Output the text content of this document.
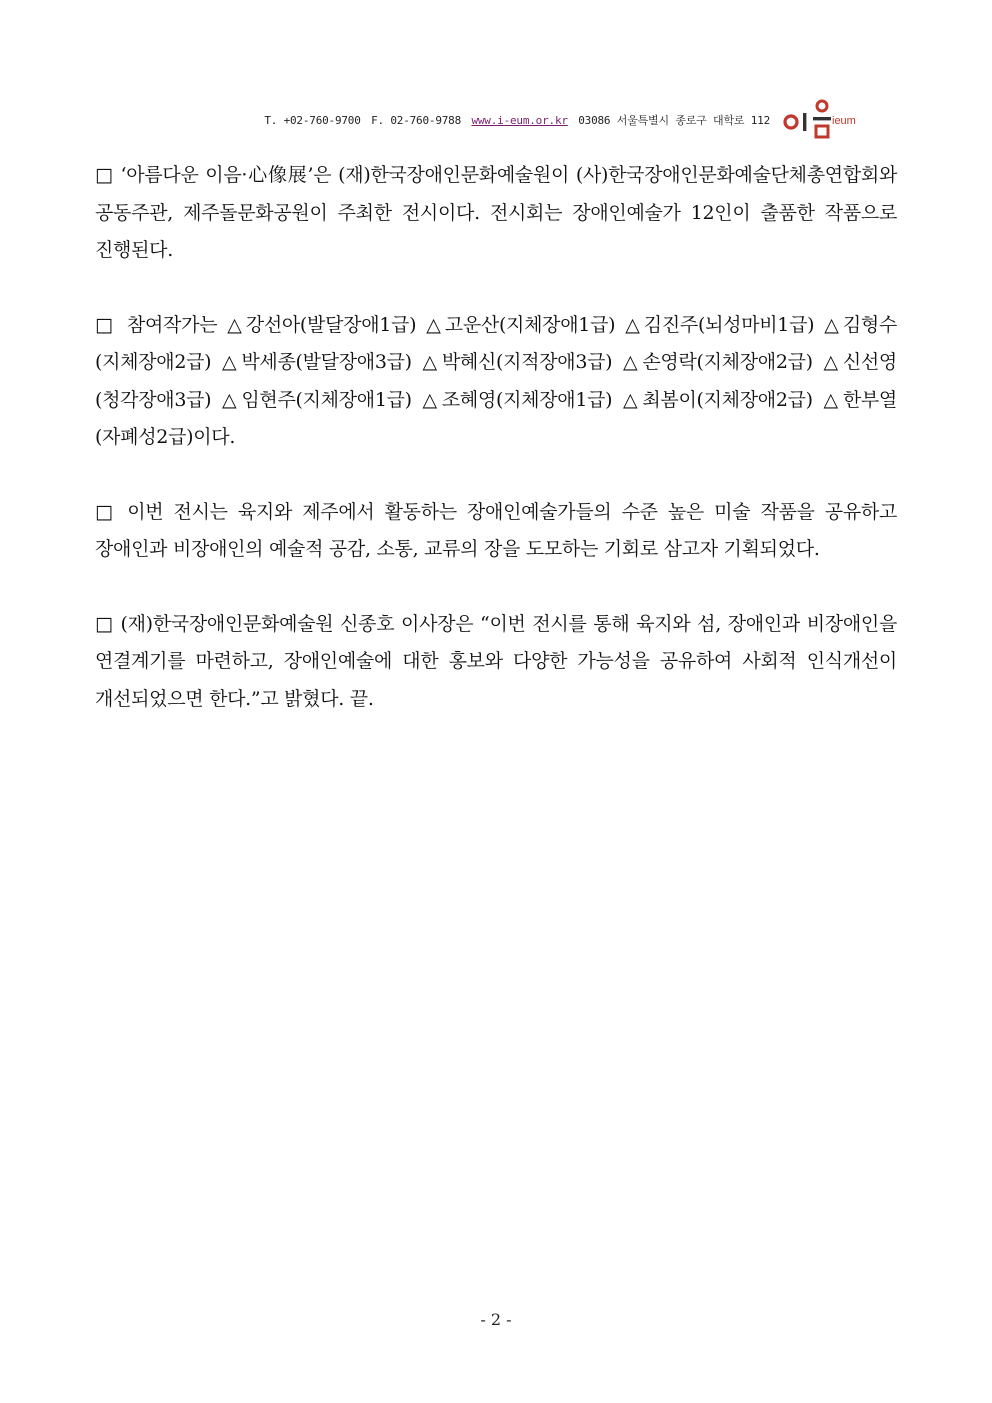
T. +02-760-9700 F. 02-760-9788 www.i-eum.or.kr 03086 서울특별시 종로구 대학로 112	ieum

□ ‘아름다운 이음·心像展’은 (재)한국장애인문화예술원이 (사)한국장애인문화예술단체총연합회와 공동주관, 제주돌문화공원이 주최한 전시이다. 전시회는 장애인예술가 12인이 출품한 작품으로 진행된다.

□ 참여작가는 △강선아(발달장애1급) △고운산(지체장애1급) △김진주(뇌성마비1급) △김형수(지체장애2급) △박세종(발달장애3급) △박혜신(지적장애3급) △손영락(지체장애2급) △신선영(청각장애3급) △임현주(지체장애1급) △조혜영(지체장애1급) △최봄이(지체장애2급) △한부열(자폐성2급)이다.

□ 이번 전시는 육지와 제주에서 활동하는 장애인예술가들의 수준 높은 미술 작품을 공유하고 장애인과 비장애인의 예술적 공감, 소통, 교류의 장을 도모하는 기회로 삼고자 기획되었다.

□ (재)한국장애인문화예술원 신종호 이사장은 “이번 전시를 통해 육지와 섬, 장애인과 비장애인을 연결계기를 마련하고, 장애인예술에 대한 홍보와 다양한 가능성을 공유하여 사회적 인식개선이 개선되었으면 한다.”고 밝혔다. 끝.

- 2 -
